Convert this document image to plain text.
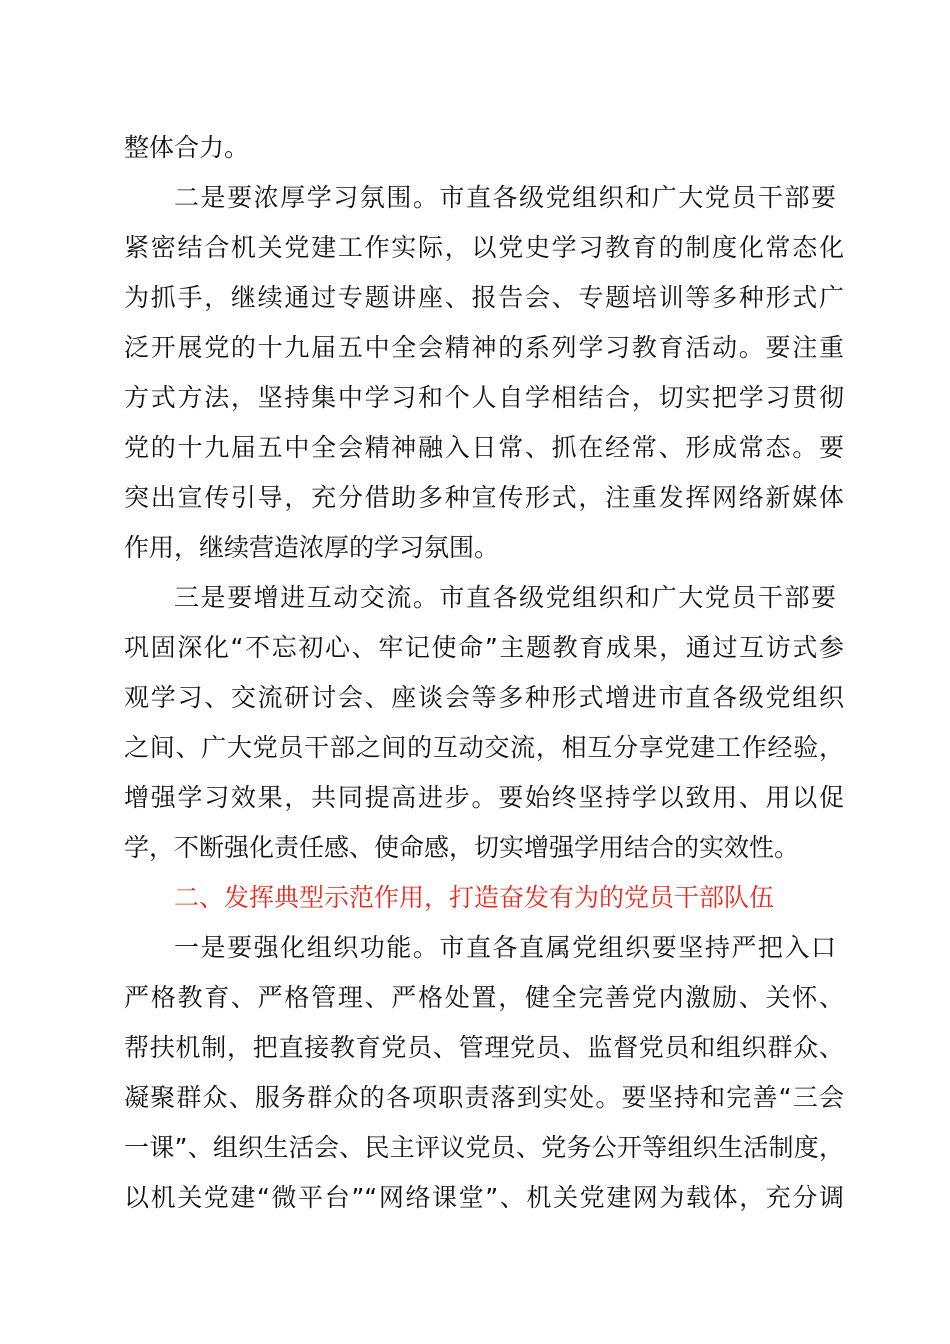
整体合力。
二是要浓厚学习氛围。市直各级党组织和广大党员干部要
紧密结合机关党建工作实际，以党史学习教育的制度化常态化
为抓手，继续通过专题讲座、报告会、专题培训等多种形式广
泛开展党的十九届五中全会精神的系列学习教育活动。要注重
方式方法，坚持集中学习和个人自学相结合，切实把学习贯彻
党的十九届五中全会精神融入日常、抓在经常、形成常态。要
突出宣传引导，充分借助多种宣传形式，注重发挥网络新媒体
作用，继续营造浓厚的学习氛围。
三是要增进互动交流。市直各级党组织和广大党员干部要
巩固深化“不忘初心、牢记使命”主题教育成果，通过互访式参
观学习、交流研讨会、座谈会等多种形式增进市直各级党组织
之间、广大党员干部之间的互动交流，相互分享党建工作经验，
增强学习效果，共同提高进步。要始终坚持学以致用、用以促
学，不断强化责任感、使命感，切实增强学用结合的实效性。
二、发挥典型示范作用，打造奋发有为的党员干部队伍
一是要强化组织功能。市直各直属党组织要坚持严把入口
严格教育、严格管理、严格处置，健全完善党内激励、关怀、
帮扶机制，把直接教育党员、管理党员、监督党员和组织群众、
凝聚群众、服务群众的各项职责落到实处。要坚持和完善“三会
一课”、组织生活会、民主评议党员、党务公开等组织生活制度，
以机关党建“微平台”“网络课堂”、机关党建网为载体，充分调
